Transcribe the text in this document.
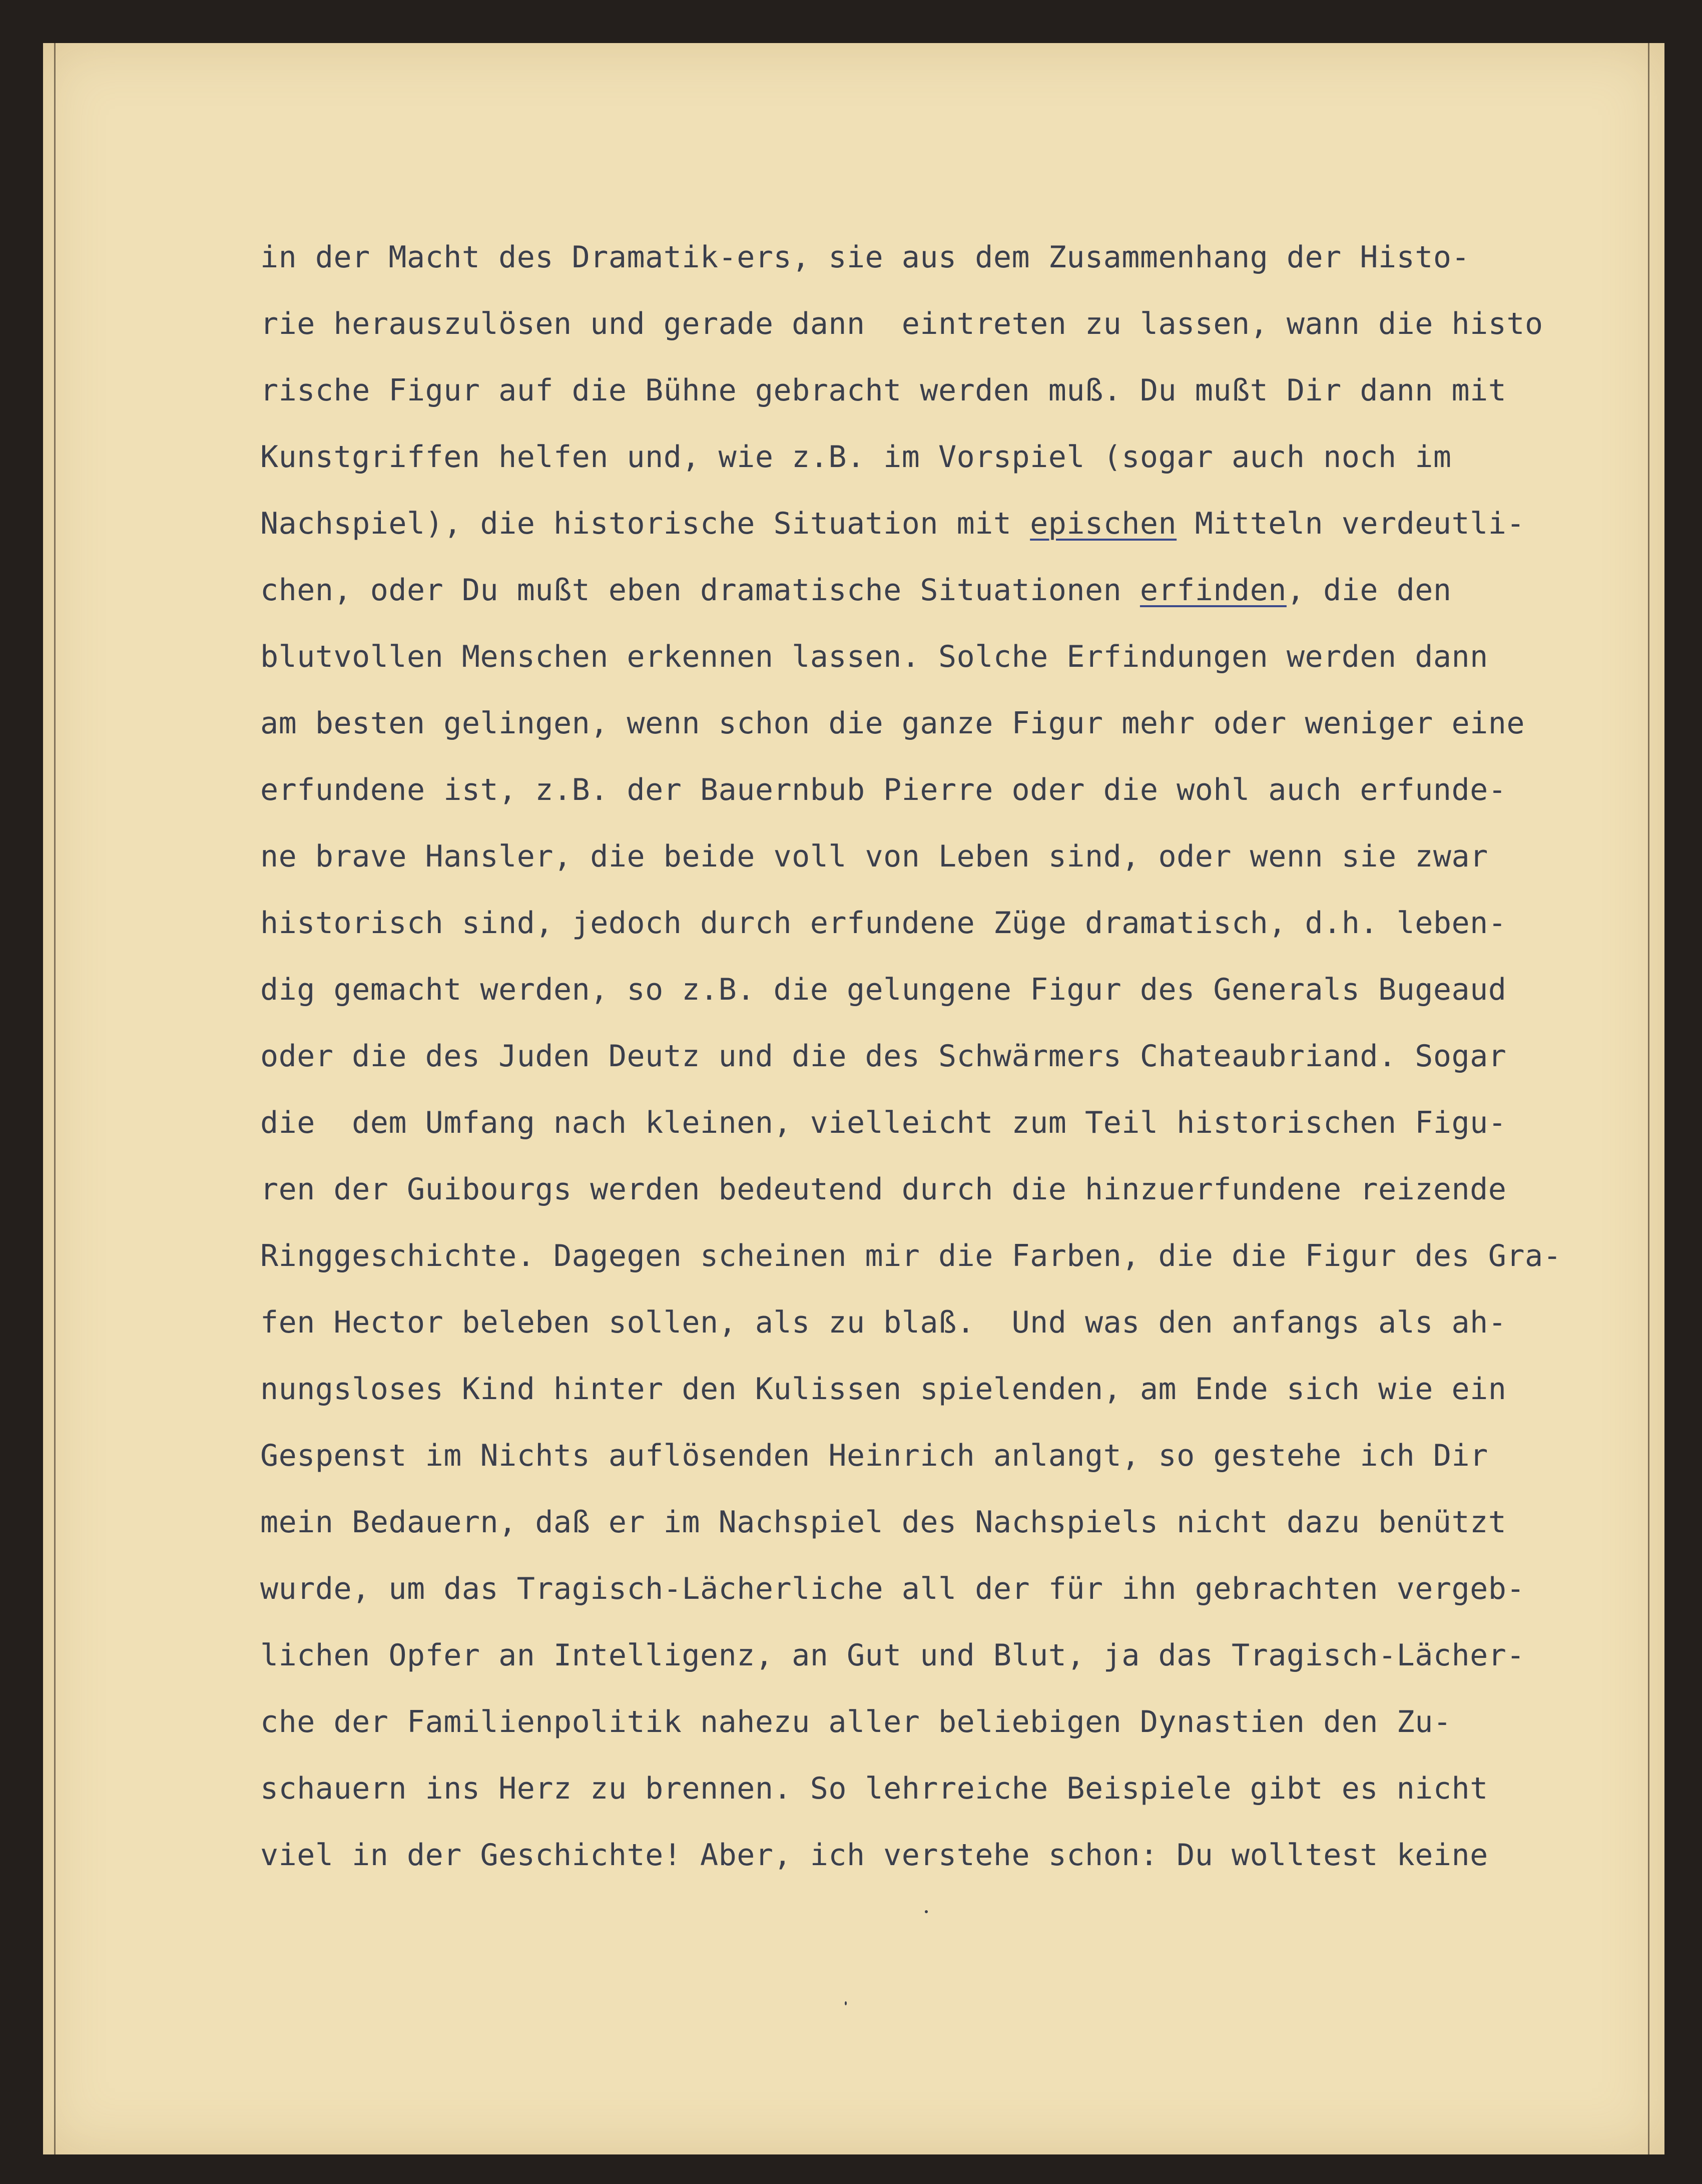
in der Macht des Dramatik-ers, sie aus dem Zusammenhang der Histo-
rie herauszulösen und gerade dann  eintreten zu lassen, wann die histo
rische Figur auf die Bühne gebracht werden muß. Du mußt Dir dann mit
Kunstgriffen helfen und, wie z.B. im Vorspiel (sogar auch noch im
Nachspiel), die historische Situation mit epischen Mitteln verdeutli-
chen, oder Du mußt eben dramatische Situationen erfinden, die den
blutvollen Menschen erkennen lassen. Solche Erfindungen werden dann
am besten gelingen, wenn schon die ganze Figur mehr oder weniger eine
erfundene ist, z.B. der Bauernbub Pierre oder die wohl auch erfunde-
ne brave Hansler, die beide voll von Leben sind, oder wenn sie zwar
historisch sind, jedoch durch erfundene Züge dramatisch, d.h. leben-
dig gemacht werden, so z.B. die gelungene Figur des Generals Bugeaud
oder die des Juden Deutz und die des Schwärmers Chateaubriand. Sogar
die  dem Umfang nach kleinen, vielleicht zum Teil historischen Figu-
ren der Guibourgs werden bedeutend durch die hinzuerfundene reizende
Ringgeschichte. Dagegen scheinen mir die Farben, die die Figur des Gra-
fen Hector beleben sollen, als zu blaß.  Und was den anfangs als ah-
nungsloses Kind hinter den Kulissen spielenden, am Ende sich wie ein
Gespenst im Nichts auflösenden Heinrich anlangt, so gestehe ich Dir
mein Bedauern, daß er im Nachspiel des Nachspiels nicht dazu benützt
wurde, um das Tragisch-Lächerliche all der für ihn gebrachten vergeb-
lichen Opfer an Intelligenz, an Gut und Blut, ja das Tragisch-Lächer-
che der Familienpolitik nahezu aller beliebigen Dynastien den Zu-
schauern ins Herz zu brennen. So lehrreiche Beispiele gibt es nicht
viel in der Geschichte! Aber, ich verstehe schon: Du wolltest keine
